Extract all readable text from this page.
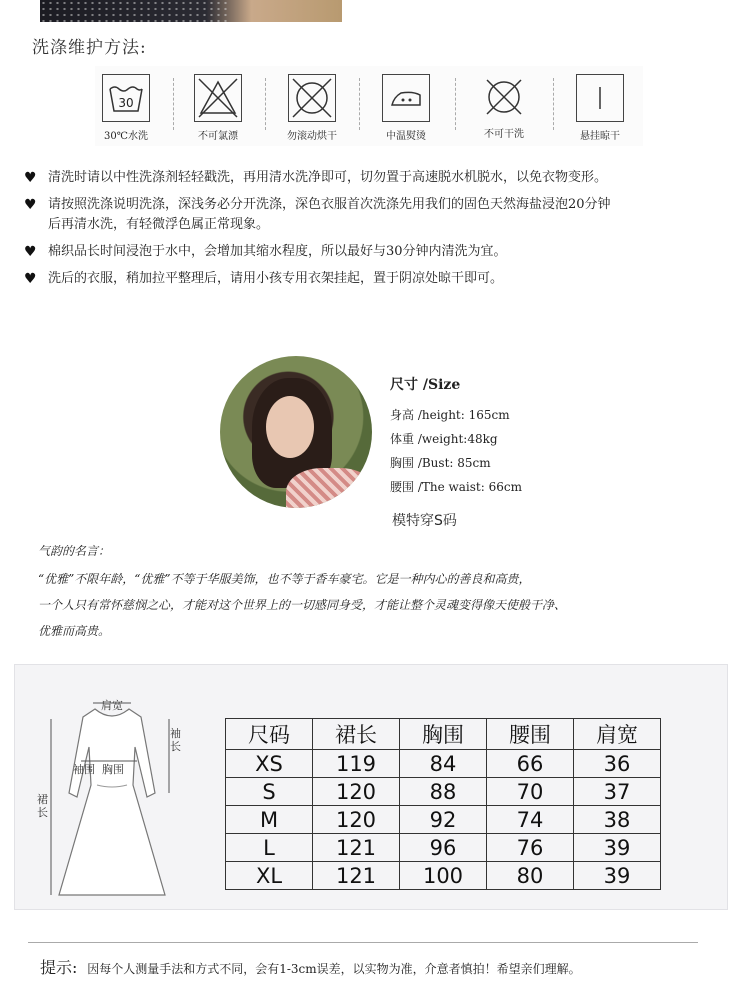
洗涤维护方法:
30
30℃水洗	不可氯漂	勿滚动烘干	中温熨烫	不可干洗	悬挂晾干
♥ 清洗时请以中性洗涤剂轻轻戳洗，再用清水洗净即可，切勿置于高速脱水机脱水，以免衣物变形。
♥ 请按照洗涤说明洗涤，深浅务必分开洗涤，深色衣服首次洗涤先用我们的固色天然海盐浸泡20分钟
后再清水洗，有轻微浮色属正常现象。
♥ 棉织品长时间浸泡于水中，会增加其缩水程度，所以最好与30分钟内清洗为宜。
♥ 洗后的衣服，稍加拉平整理后，请用小孩专用衣架挂起，置于阴凉处晾干即可。
尺寸 /Size
身高 /height: 165cm
体重 /weight:48kg
胸围 /Bust: 85cm
腰围 /The waist: 66cm
模特穿S码
气韵的名言：
“优雅”不限年龄，“优雅”不等于华服美饰，也不等于香车豪宅。它是一种内心的善良和高贵，
一个人只有常怀慈悯之心，才能对这个世界上的一切感同身受，才能让整个灵魂变得像天使般干净、
优雅而高贵。
肩宽
袖围 胸围
袖长
裙长
尺码	裙长	胸围	腰围	肩宽
XS	119	84	66	36
S	120	88	70	37
M	120	92	74	38
L	121	96	76	39
XL	121	100	80	39
提示: 因每个人测量手法和方式不同，会有1-3cm误差，以实物为准，介意者慎拍！希望亲们理解。
